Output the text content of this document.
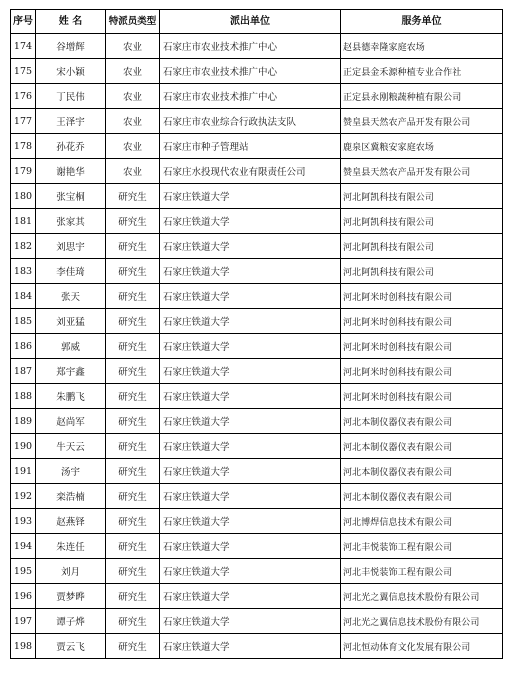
序号	姓 名	特派员类型	派出单位	服务单位
174	谷增辉	农业	石家庄市农业技术推广中心	赵县德幸隆家庭农场
175	宋小颖	农业	石家庄市农业技术推广中心	正定县金禾源种植专业合作社
176	丁民伟	农业	石家庄市农业技术推广中心	正定县永刚粮蔬种植有限公司
177	王泽宇	农业	石家庄市农业综合行政执法支队	赞皇县天然农产品开发有限公司
178	孙花乔	农业	石家庄市种子管理站	鹿泉区冀粮安家庭农场
179	谢艳华	农业	石家庄水投现代农业有限责任公司	赞皇县天然农产品开发有限公司
180	张宝桐	研究生	石家庄铁道大学	河北阿凯科技有限公司
181	张家其	研究生	石家庄铁道大学	河北阿凯科技有限公司
182	刘思宇	研究生	石家庄铁道大学	河北阿凯科技有限公司
183	李佳琦	研究生	石家庄铁道大学	河北阿凯科技有限公司
184	张天	研究生	石家庄铁道大学	河北阿米时创科技有限公司
185	刘亚猛	研究生	石家庄铁道大学	河北阿米时创科技有限公司
186	郭威	研究生	石家庄铁道大学	河北阿米时创科技有限公司
187	郑宇鑫	研究生	石家庄铁道大学	河北阿米时创科技有限公司
188	朱鹏飞	研究生	石家庄铁道大学	河北阿米时创科技有限公司
189	赵尚军	研究生	石家庄铁道大学	河北本制仪器仪表有限公司
190	牛天云	研究生	石家庄铁道大学	河北本制仪器仪表有限公司
191	汤宇	研究生	石家庄铁道大学	河北本制仪器仪表有限公司
192	栾浩楠	研究生	石家庄铁道大学	河北本制仪器仪表有限公司
193	赵燕铎	研究生	石家庄铁道大学	河北博焊信息技术有限公司
194	朱连任	研究生	石家庄铁道大学	河北丰悦装饰工程有限公司
195	刘月	研究生	石家庄铁道大学	河北丰悦装饰工程有限公司
196	贾梦晔	研究生	石家庄铁道大学	河北光之翼信息技术股份有限公司
197	谭子烨	研究生	石家庄铁道大学	河北光之翼信息技术股份有限公司
198	贾云飞	研究生	石家庄铁道大学	河北恒动体育文化发展有限公司
